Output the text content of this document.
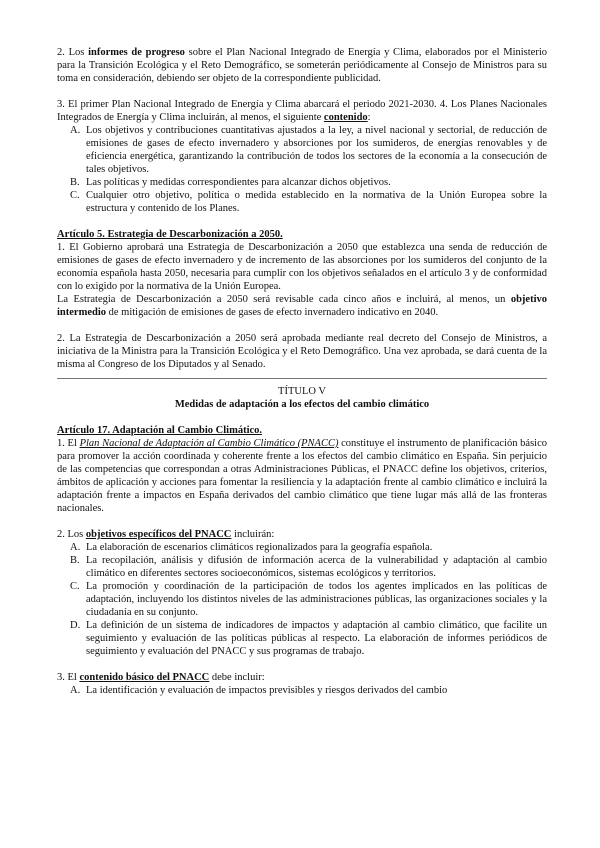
2. Los informes de progreso sobre el Plan Nacional Integrado de Energía y Clima, elaborados por el Ministerio para la Transición Ecológica y el Reto Demográfico, se someterán periódicamente al Consejo de Ministros para su toma en consideración, debiendo ser objeto de la correspondiente publicidad.

3. El primer Plan Nacional Integrado de Energía y Clima abarcará el periodo 2021-2030. 4. Los Planes Nacionales Integrados de Energía y Clima incluirán, al menos, el siguiente contenido:

A. Los objetivos y contribuciones cuantitativas ajustados a la ley, a nivel nacional y sectorial, de reducción de emisiones de gases de efecto invernadero y absorciones por los sumideros, de energías renovables y de eficiencia energética, garantizando la contribución de todos los sectores de la economía a la consecución de tales objetivos.
B. Las políticas y medidas correspondientes para alcanzar dichos objetivos.
C. Cualquier otro objetivo, política o medida establecido en la normativa de la Unión Europea sobre la estructura y contenido de los Planes.

Artículo 5. Estrategia de Descarbonización a 2050.

1. El Gobierno aprobará una Estrategia de Descarbonización a 2050 que establezca una senda de reducción de emisiones de gases de efecto invernadero y de incremento de las absorciones por los sumideros del conjunto de la economía española hasta 2050, necesaria para cumplir con los objetivos señalados en el artículo 3 y de conformidad con lo exigido por la normativa de la Unión Europea.

La Estrategia de Descarbonización a 2050 será revisable cada cinco años e incluirá, al menos, un objetivo intermedio de mitigación de emisiones de gases de efecto invernadero indicativo en 2040.

2. La Estrategia de Descarbonización a 2050 será aprobada mediante real decreto del Consejo de Ministros, a iniciativa de la Ministra para la Transición Ecológica y el Reto Demográfico. Una vez aprobada, se dará cuenta de la misma al Congreso de los Diputados y al Senado.

TÍTULO V

Medidas de adaptación a los efectos del cambio climático

Artículo 17. Adaptación al Cambio Climático.

1. El Plan Nacional de Adaptación al Cambio Climático (PNACC) constituye el instrumento de planificación básico para promover la acción coordinada y coherente frente a los efectos del cambio climático en España. Sin perjuicio de las competencias que correspondan a otras Administraciones Públicas, el PNACC define los objetivos, criterios, ámbitos de aplicación y acciones para fomentar la resiliencia y la adaptación frente al cambio climático e incluirá la adaptación frente a impactos en España derivados del cambio climático que tiene lugar más allá de las fronteras nacionales.

2. Los objetivos específicos del PNACC incluirán:

A. La elaboración de escenarios climáticos regionalizados para la geografía española.
B. La recopilación, análisis y difusión de información acerca de la vulnerabilidad y adaptación al cambio climático en diferentes sectores socioeconómicos, sistemas ecológicos y territorios.
C. La promoción y coordinación de la participación de todos los agentes implicados en las políticas de adaptación, incluyendo los distintos niveles de las administraciones públicas, las organizaciones sociales y la ciudadanía en su conjunto.
D. La definición de un sistema de indicadores de impactos y adaptación al cambio climático, que facilite un seguimiento y evaluación de las políticas públicas al respecto. La elaboración de informes periódicos de seguimiento y evaluación del PNACC y sus programas de trabajo.

3. El contenido básico del PNACC debe incluir:

A. La identificación y evaluación de impactos previsibles y riesgos derivados del cambio
